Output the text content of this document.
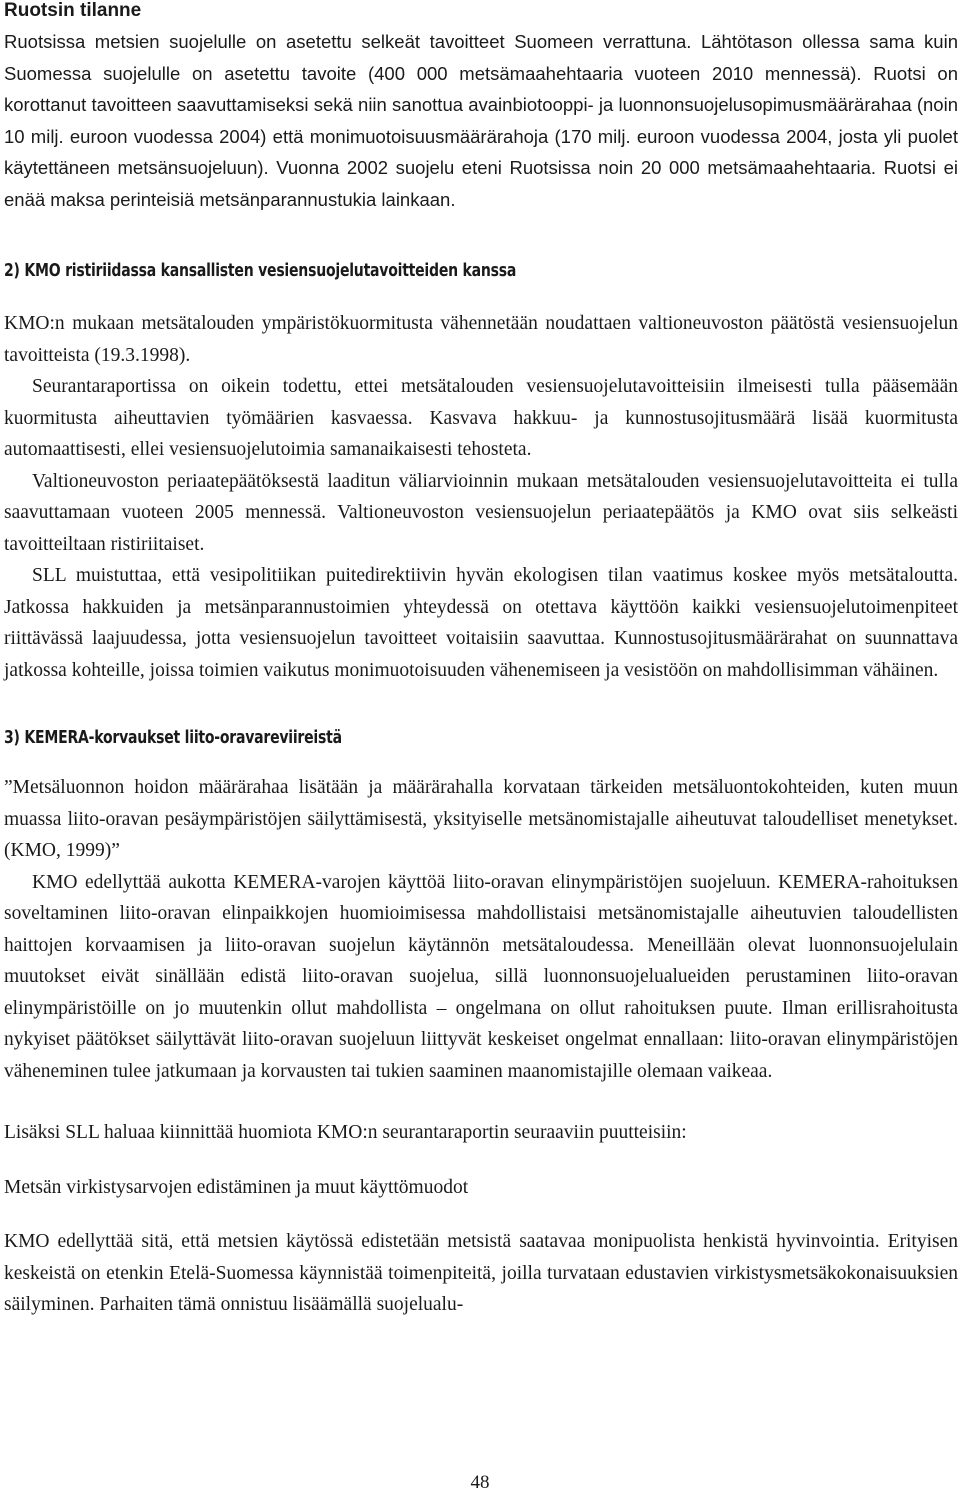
Ruotsin tilanne

Ruotsissa metsien suojelulle on asetettu selkeät tavoitteet Suomeen verrattuna. Lähtötason ollessa sama kuin Suomessa suojelulle on asetettu tavoite (400 000 metsämaahehtaaria vuoteen 2010 mennessä). Ruotsi on korottanut tavoitteen saavuttamiseksi sekä niin sanottua avainbiotooppi- ja luonnonsuojelusopimusmäärärahaa (noin 10 milj. euroon vuodessa 2004) että monimuotoisuusmäärärahoja (170 milj. euroon vuodessa 2004, josta yli puolet käytettäneen metsänsuojeluun). Vuonna 2002 suojelu eteni Ruotsissa noin 20 000 metsämaahehtaaria. Ruotsi ei enää maksa perinteisiä metsänparannustukia lainkaan.

2) KMO ristiriidassa kansallisten vesiensuojelutavoitteiden kanssa

KMO:n mukaan metsätalouden ympäristökuormitusta vähennetään noudattaen valtioneuvoston päätöstä vesiensuojelun tavoitteista (19.3.1998).

Seurantaraportissa on oikein todettu, ettei metsätalouden vesiensuojelutavoitteisiin ilmeisesti tulla pääsemään kuormitusta aiheuttavien työmäärien kasvaessa. Kasvava hakkuu- ja kunnostusojitusmäärä lisää kuormitusta automaattisesti, ellei vesiensuojelutoimia samanaikaisesti tehosteta.

Valtioneuvoston periaatepäätöksestä laaditun väliarvioinnin mukaan metsätalouden vesiensuojelutavoitteita ei tulla saavuttamaan vuoteen 2005 mennessä. Valtioneuvoston vesiensuojelun periaatepäätös ja KMO ovat siis selkeästi tavoitteiltaan ristiriitaiset.

SLL muistuttaa, että vesipolitiikan puitedirektiivin hyvän ekologisen tilan vaatimus koskee myös metsätaloutta. Jatkossa hakkuiden ja metsänparannustoimien yhteydessä on otettava käyttöön kaikki vesiensuojelutoimenpiteet riittävässä laajuudessa, jotta vesiensuojelun tavoitteet voitaisiin saavuttaa. Kunnostusojitusmäärärahat on suunnattava jatkossa kohteille, joissa toimien vaikutus monimuotoisuuden vähenemiseen ja vesistöön on mahdollisimman vähäinen.

3) KEMERA-korvaukset liito-oravareviireistä

”Metsäluonnon hoidon määrärahaa lisätään ja määrärahalla korvataan tärkeiden metsäluontokohteiden, kuten muun muassa liito-oravan pesäympäristöjen säilyttämisestä, yksityiselle metsänomistajalle aiheutuvat taloudelliset menetykset. (KMO, 1999)”

KMO edellyttää aukotta KEMERA-varojen käyttöä liito-oravan elinympäristöjen suojeluun. KEMERA-rahoituksen soveltaminen liito-oravan elinpaikkojen huomioimisessa mahdollistaisi metsänomistajalle aiheutuvien taloudellisten haittojen korvaamisen ja liito-oravan suojelun käytännön metsätaloudessa. Meneillään olevat luonnonsuojelulain muutokset eivät sinällään edistä liito-oravan suojelua, sillä luonnonsuojelualueiden perustaminen liito-oravan elinympäristöille on jo muutenkin ollut mahdollista – ongelmana on ollut rahoituksen puute. Ilman erillisrahoitusta nykyiset päätökset säilyttävät liito-oravan suojeluun liittyvät keskeiset ongelmat ennallaan: liito-oravan elinympäristöjen väheneminen tulee jatkumaan ja korvausten tai tukien saaminen maanomistajille olemaan vaikeaa.

Lisäksi SLL haluaa kiinnittää huomiota KMO:n seurantaraportin seuraaviin puutteisiin:

Metsän virkistysarvojen edistäminen ja muut käyttömuodot

KMO edellyttää sitä, että metsien käytössä edistetään metsistä saatavaa monipuolista henkistä hyvinvointia. Erityisen keskeistä on etenkin Etelä-Suomessa käynnistää toimenpiteitä, joilla turvataan edustavien virkistysmetsäkokonaisuuksien säilyminen. Parhaiten tämä onnistuu lisäämällä suojelualu-

48
